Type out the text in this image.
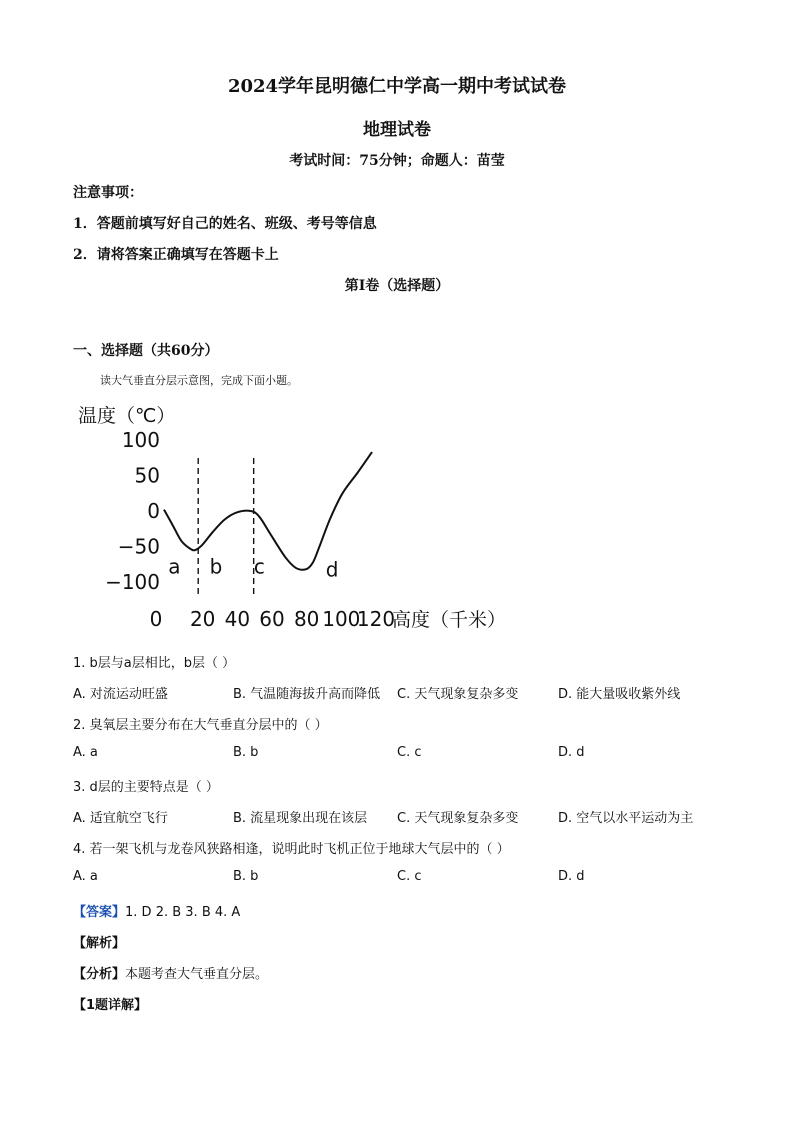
2024学年昆明德仁中学高一期中考试试卷
地理试卷
考试时间：75分钟；命题人：苗莹
注意事项：
1．答题前填写好自己的姓名、班级、考号等信息
2．请将答案正确填写在答题卡上
第I卷（选择题）
一、选择题（共60分）
读大气垂直分层示意图，完成下面小题。
温度（℃）
高度（千米）
100
50
0
−50
−100
0 20 40 60 80 100
120
a b c	d
1. b层与a层相比，b层（ ）
A. 对流运动旺盛	B. 气温随海拔升高而降低 C. 天气现象复杂多变	D. 能大量吸收紫外线
2. 臭氧层主要分布在大气垂直分层中的（ ）
A. a	B. b	C. c	D. d
3. d层的主要特点是（ ）
A. 适宜航空飞行	B. 流星现象出现在该层 C. 天气现象复杂多变	D. 空气以水平运动为主
4. 若一架飞机与龙卷风狭路相逢，说明此时飞机正位于地球大气层中的（ ）
A. a	B. b	C. c	D. d
【答案】1. D 2. B 3. B 4. A
【解析】
【分析】本题考查大气垂直分层。
【1题详解】
